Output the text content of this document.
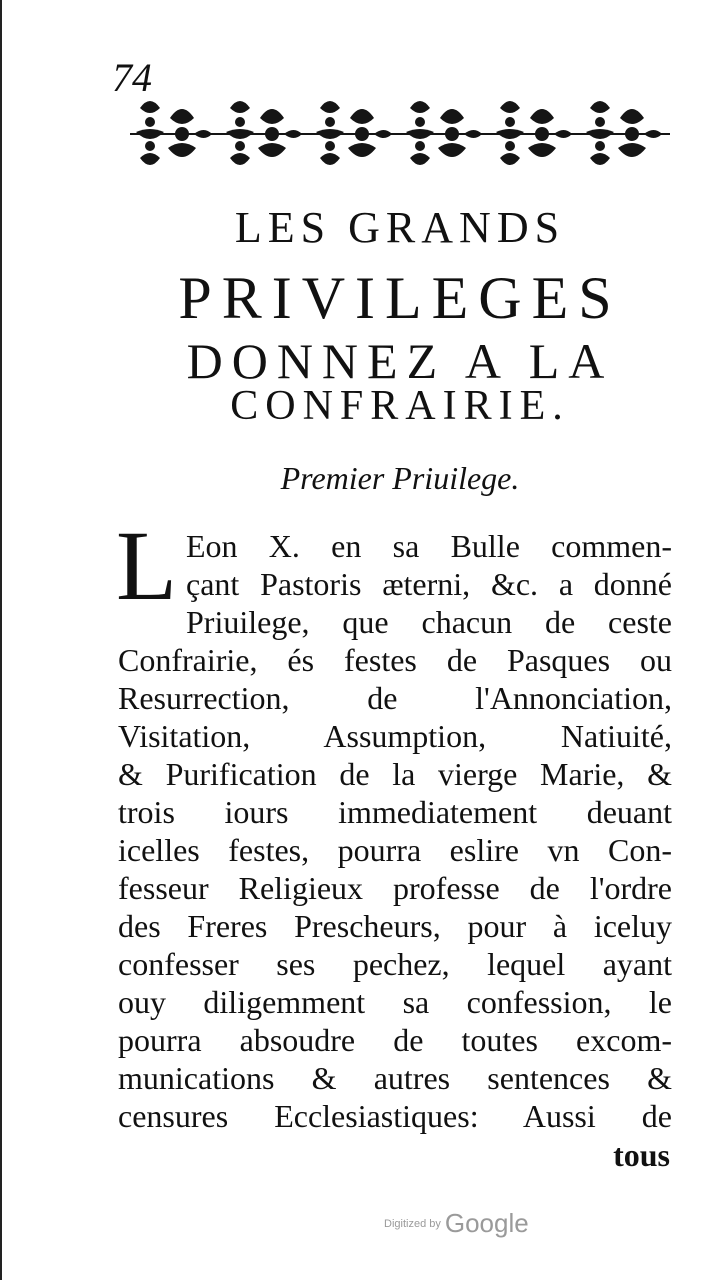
74
LES GRANDS
PRIVILEGES
DONNEZ A LA
CONFRAIRIE.
Premier Priuilege.
L Eon X. en sa Bulle commen-
çant Pastoris æterni, &c. a donné
Priuilege, que chacun de ceste
Confrairie, és festes de Pasques ou
Resurrection, de l'Annonciation,
Visitation, Assumption, Natiuité,
& Purification de la vierge Marie, &
trois iours immediatement deuant
icelles festes, pourra eslire vn Con-
fesseur Religieux professe de l'ordre
des Freres Prescheurs, pour à iceluy
confesser ses pechez, lequel ayant
ouy diligemment sa confession, le
pourra absoudre de toutes excom-
munications & autres sentences &
censures Ecclesiastiques: Aussi de
tous
Digitized by Google
